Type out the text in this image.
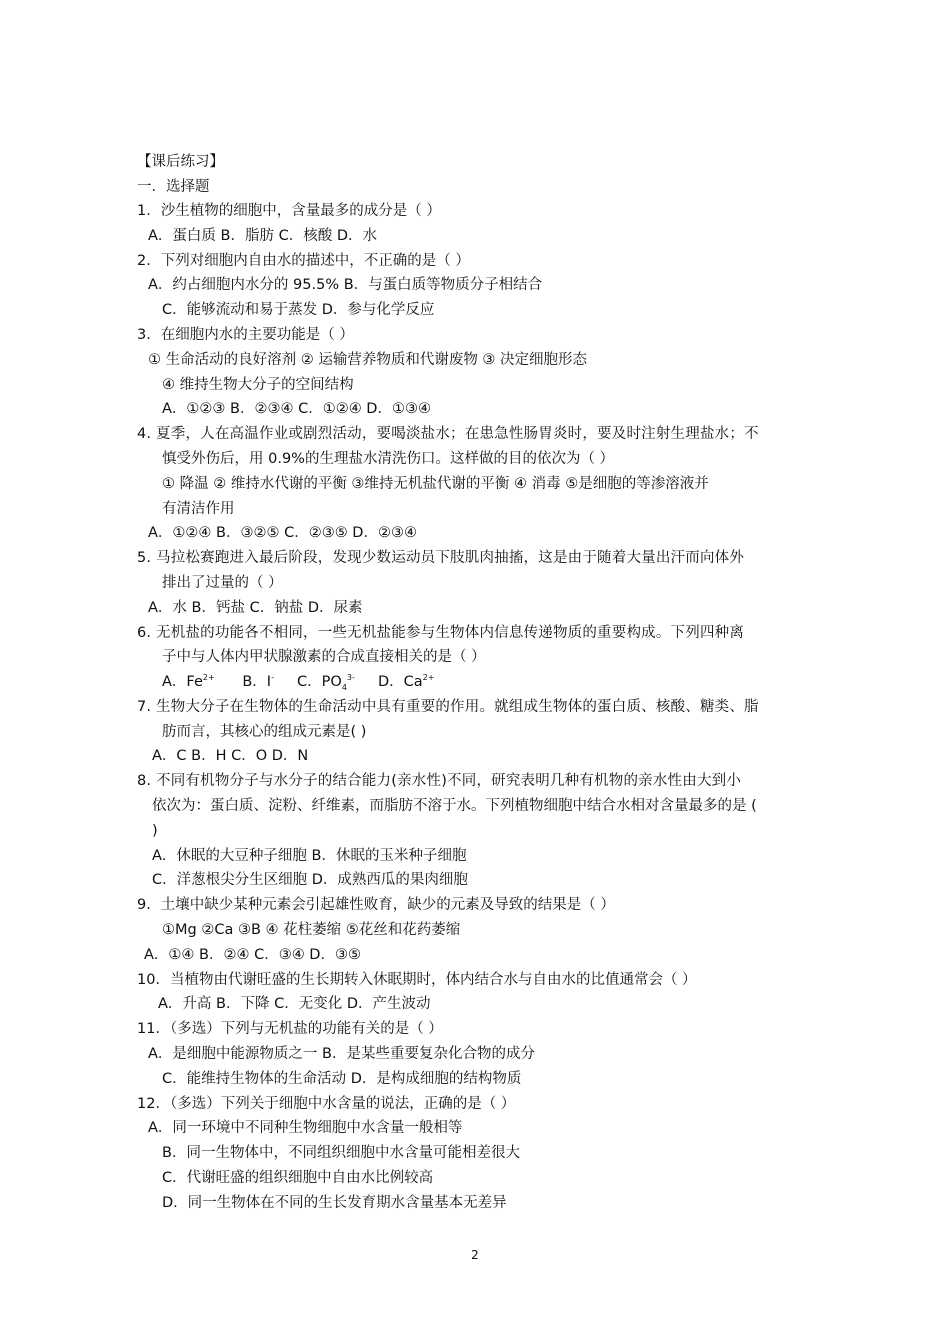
【课后练习】
一．选择题
1．沙生植物的细胞中，含量最多的成分是（ ）
A．蛋白质 B．脂肪 C．核酸 D．水
2．下列对细胞内自由水的描述中，不正确的是（ ）
A．约占细胞内水分的 95.5% B．与蛋白质等物质分子相结合
C．能够流动和易于蒸发 D．参与化学反应
3．在细胞内水的主要功能是（ ）
① 生命活动的良好溶剂 ② 运输营养物质和代谢废物 ③ 决定细胞形态
④ 维持生物大分子的空间结构
A．①②③ B．②③④ C．①②④ D．①③④
4. 夏季，人在高温作业或剧烈活动，要喝淡盐水；在患急性肠胃炎时，要及时注射生理盐水；不
慎受外伤后，用 0.9%的生理盐水清洗伤口。这样做的目的依次为（ ）
① 降温 ② 维持水代谢的平衡 ③维持无机盐代谢的平衡 ④ 消毒 ⑤是细胞的等渗溶液并
有清洁作用
A．①②④ B．③②⑤ C．②③⑤ D．②③④
5. 马拉松赛跑进入最后阶段，发现少数运动员下肢肌肉抽搐，这是由于随着大量出汗而向体外
排出了过量的（ ）
A．水 B．钙盐 C．钠盐 D．尿素
6. 无机盐的功能各不相同，一些无机盐能参与生物体内信息传递物质的重要构成。下列四种离
子中与人体内甲状腺激素的合成直接相关的是（ ）
A．$Fe^{2+}$ B．I- C．$PO_4^{3-}$ D．$Ca^{2+}$
7. 生物大分子在生物体的生命活动中具有重要的作用。就组成生物体的蛋白质、核酸、糖类、脂
肪而言，其核心的组成元素是( )
A．C B．H C．O D．N
8. 不同有机物分子与水分子的结合能力(亲水性)不同，研究表明几种有机物的亲水性由大到小
依次为：蛋白质、淀粉、纤维素，而脂肪不溶于水。下列植物细胞中结合水相对含量最多的是 (
)
A．休眠的大豆种子细胞 B．休眠的玉米种子细胞
C．洋葱根尖分生区细胞 D．成熟西瓜的果肉细胞
9．土壤中缺少某种元素会引起雄性败育，缺少的元素及导致的结果是（ ）
①Mg ②Ca ③B ④ 花柱萎缩 ⑤花丝和花药萎缩
A．①④ B．②④ C．③④ D．③⑤
10．当植物由代谢旺盛的生长期转入休眠期时，体内结合水与自由水的比值通常会（ ）
A．升高 B．下降 C．无变化 D．产生波动
11．（多选）下列与无机盐的功能有关的是（ ）
A．是细胞中能源物质之一 B．是某些重要复杂化合物的成分
C．能维持生物体的生命活动 D．是构成细胞的结构物质
12．（多选）下列关于细胞中水含量的说法，正确的是（ ）
A．同一环境中不同种生物细胞中水含量一般相等
B．同一生物体中，不同组织细胞中水含量可能相差很大
C．代谢旺盛的组织细胞中自由水比例较高
D．同一生物体在不同的生长发育期水含量基本无差异
2
